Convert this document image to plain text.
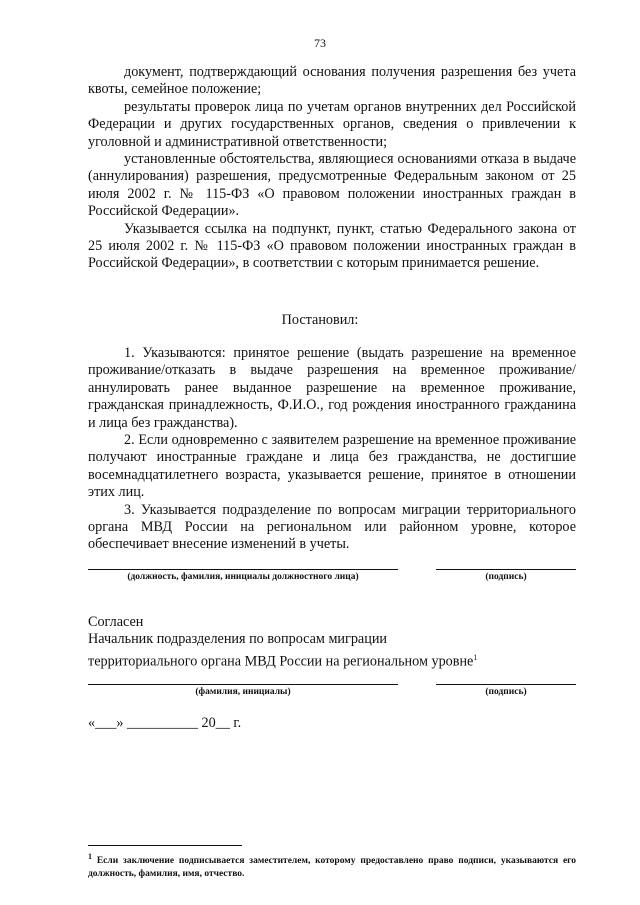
73

документ, подтверждающий основания получения разрешения без учета квоты, семейное положение;

результаты проверок лица по учетам органов внутренних дел Российской Федерации и других государственных органов, сведения о привлечении к уголовной и административной ответственности;

установленные обстоятельства, являющиеся основаниями отказа в выдаче (аннулирования) разрешения, предусмотренные Федеральным законом от 25 июля 2002 г. № 115-ФЗ «О правовом положении иностранных граждан в Российской Федерации».

Указывается ссылка на подпункт, пункт, статью Федерального закона от 25 июля 2002 г. № 115-ФЗ «О правовом положении иностранных граждан в Российской Федерации», в соответствии с которым принимается решение.

Постановил:

1. Указываются: принятое решение (выдать разрешение на временное проживание/отказать в выдаче разрешения на временное проживание/аннулировать ранее выданное разрешение на временное проживание, гражданская принадлежность, Ф.И.О., год рождения иностранного гражданина и лица без гражданства).

2. Если одновременно с заявителем разрешение на временное проживание получают иностранные граждане и лица без гражданства, не достигшие восемнадцатилетнего возраста, указывается решение, принятое в отношении этих лиц.

3. Указывается подразделение по вопросам миграции территориального органа МВД России на региональном или районном уровне, которое обеспечивает внесение изменений в учеты.

(должность, фамилия, инициалы должностного лица)	(подпись)
Согласен
Начальник подразделения по вопросам миграции
территориального органа МВД России на региональном уровне$^1$
(фамилия, инициалы)	(подпись)
«___» __________ 20__ г.
$^1$ Если заключение подписывается заместителем, которому предоставлено право подписи, указываются его должность, фамилия, имя, отчество.
